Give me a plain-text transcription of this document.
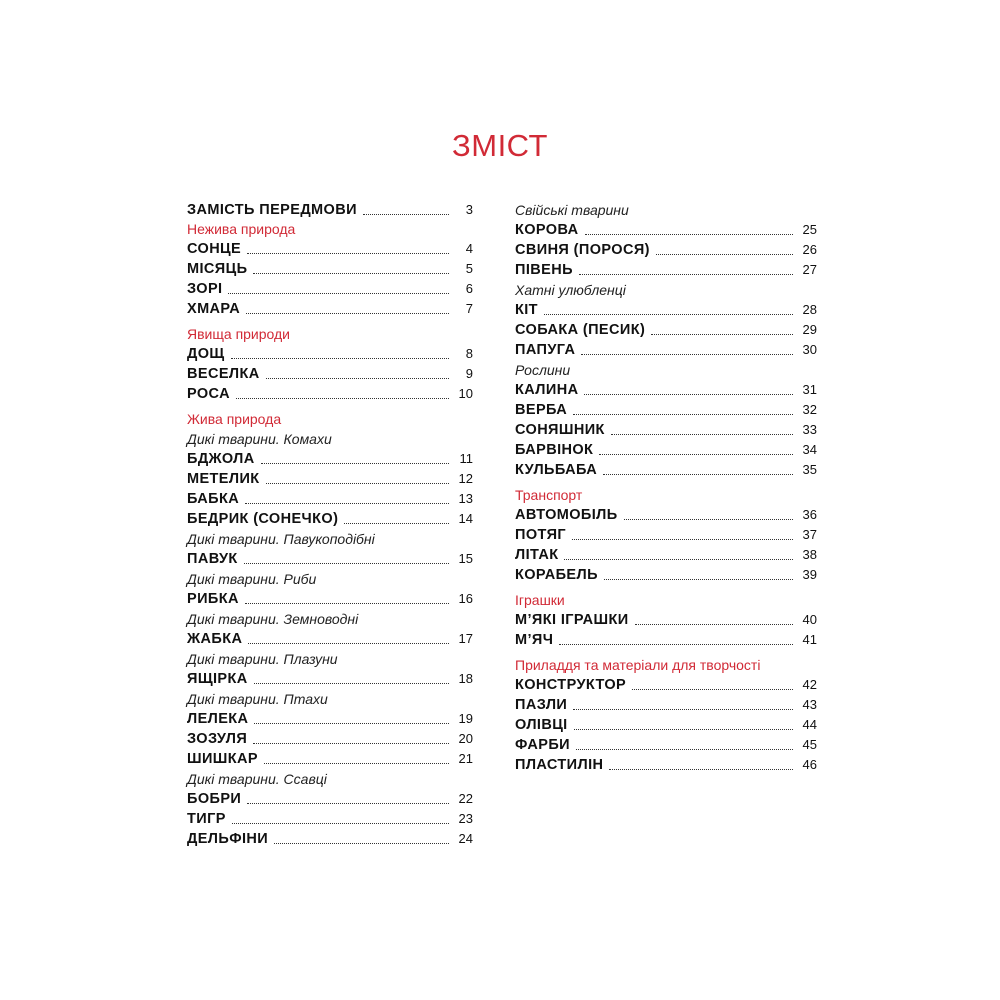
ЗМІСТ
ЗАМІСТЬ ПЕРЕДМОВИ	3
Нежива природа
СОНЦЕ	4
МІСЯЦЬ	5
ЗОРІ	6
ХМАРА	7
Явища природи
ДОЩ	8
ВЕСЕЛКА	9
РОСА	10
Жива природа
Дикі тварини. Комахи
БДЖОЛА	11
МЕТЕЛИК	12
БАБКА	13
БЕДРИК (СОНЕЧКО)	14
Дикі тварини. Павукоподібні
ПАВУК	15
Дикі тварини. Риби
РИБКА	16
Дикі тварини. Земноводні
ЖАБКА	17
Дикі тварини. Плазуни
ЯЩІРКА	18
Дикі тварини. Птахи
ЛЕЛЕКА	19
ЗОЗУЛЯ	20
ШИШКАР	21
Дикі тварини. Ссавці
БОБРИ	22
ТИГР	23
ДЕЛЬФІНИ	24
Свійські тварини
КОРОВА	25
СВИНЯ (ПОРОСЯ)	26
ПІВЕНЬ	27
Хатні улюбленці
КІТ	28
СОБАКА (ПЕСИК)	29
ПАПУГА	30
Рослини
КАЛИНА	31
ВЕРБА	32
СОНЯШНИК	33
БАРВІНОК	34
КУЛЬБАБА	35
Транспорт
АВТОМОБІЛЬ	36
ПОТЯГ	37
ЛІТАК	38
КОРАБЕЛЬ	39
Іграшки
М’ЯКІ ІГРАШКИ	40
М’ЯЧ	41
Приладдя та матеріали для творчості
КОНСТРУКТОР	42
ПАЗЛИ	43
ОЛІВЦІ	44
ФАРБИ	45
ПЛАСТИЛІН	46
